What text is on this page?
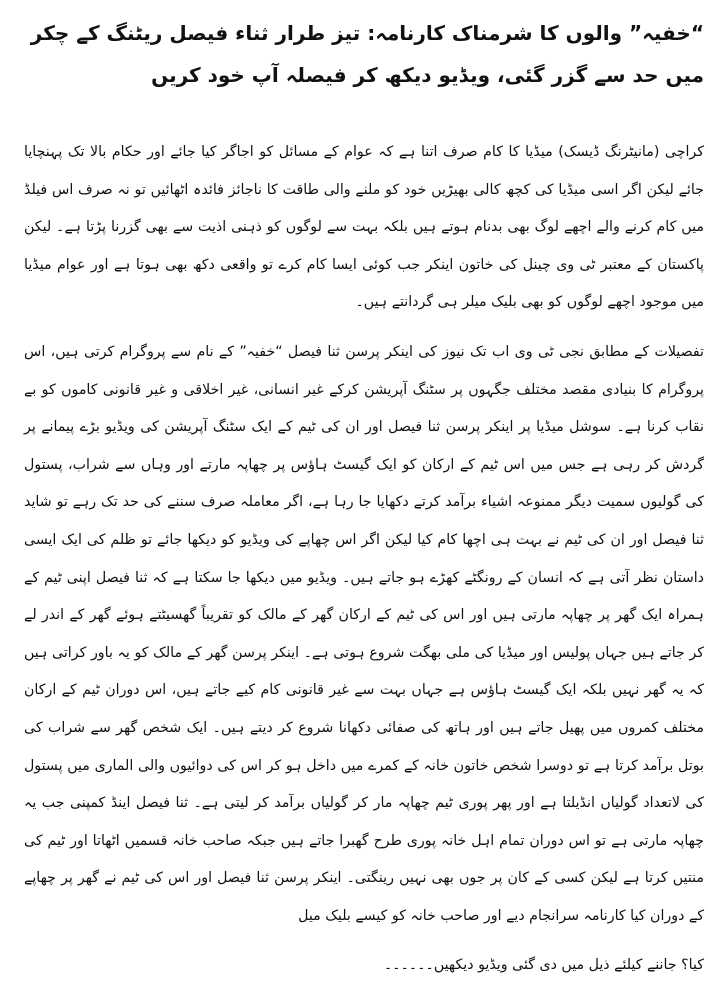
“خفیہ” والوں کا شرمناک کارنامہ: تیز طرار ثناء فیصل ریٹنگ کے چکر میں حد سے گزر گئی، ویڈیو دیکھ کر فیصلہ آپ خود کریں

کراچی (مانیٹرنگ ڈیسک) میڈیا کا کام صرف اتنا ہے کہ عوام کے مسائل کو اجاگر کیا جائے اور حکام بالا تک پہنچایا جائے لیکن اگر اسی میڈیا کی کچھ کالی بھیڑیں خود کو ملنے والی طاقت کا ناجائز فائدہ اٹھائیں تو نہ صرف اس فیلڈ میں کام کرنے والے اچھے لوگ بھی بدنام ہوتے ہیں بلکہ بہت سے لوگوں کو ذہنی اذیت سے بھی گزرنا پڑتا ہے۔ لیکن پاکستان کے معتبر ٹی وی چینل کی خاتون اینکر جب کوئی ایسا کام کرے تو واقعی دکھ بھی ہوتا ہے اور عوام میڈیا میں موجود اچھے لوگوں کو بھی بلیک میلر ہی گردانتے ہیں۔

تفصیلات کے مطابق نجی ٹی وی اب تک نیوز کی اینکر پرسن ثنا فیصل “خفیہ” کے نام سے پروگرام کرتی ہیں، اس پروگرام کا بنیادی مقصد مختلف جگہوں پر سٹنگ آپریشن کرکے غیر انسانی، غیر اخلاقی و غیر قانونی کاموں کو بے نقاب کرنا ہے۔ سوشل میڈیا پر اینکر پرسن ثنا فیصل اور ان کی ٹیم کے ایک سٹنگ آپریشن کی ویڈیو بڑے پیمانے پر گردش کر رہی ہے جس میں اس ٹیم کے ارکان کو ایک گیسٹ ہاؤس پر چھاپہ مارتے اور وہاں سے شراب، پستول کی گولیوں سمیت دیگر ممنوعہ اشیاء برآمد کرتے دکھایا جا رہا ہے، اگر معاملہ صرف سننے کی حد تک رہے تو شاید ثنا فیصل اور ان کی ٹیم نے بہت ہی اچھا کام کیا لیکن اگر اس چھاپے کی ویڈیو کو دیکھا جائے تو ظلم کی ایک ایسی داستان نظر آتی ہے کہ انسان کے رونگٹے کھڑے ہو جاتے ہیں۔ ویڈیو میں دیکھا جا سکتا ہے کہ ثنا فیصل اپنی ٹیم کے ہمراہ ایک گھر پر چھاپہ مارتی ہیں اور اس کی ٹیم کے ارکان گھر کے مالک کو تقریباً گھسیٹتے ہوئے گھر کے اندر لے کر جاتے ہیں جہاں پولیس اور میڈیا کی ملی بھگت شروع ہوتی ہے۔ اینکر پرسن گھر کے مالک کو یہ باور کراتی ہیں کہ یہ گھر نہیں بلکہ ایک گیسٹ ہاؤس ہے جہاں بہت سے غیر قانونی کام کیے جاتے ہیں، اس دوران ٹیم کے ارکان مختلف کمروں میں پھیل جاتے ہیں اور ہاتھ کی صفائی دکھانا شروع کر دیتے ہیں۔ ایک شخص گھر سے شراب کی بوتل برآمد کرتا ہے تو دوسرا شخص خاتون خانہ کے کمرے میں داخل ہو کر اس کی دوائیوں والی الماری میں پستول کی لاتعداد گولیاں انڈیلتا ہے اور پھر پوری ٹیم چھاپہ مار کر گولیاں برآمد کر لیتی ہے۔ ثنا فیصل اینڈ کمپنی جب یہ چھاپہ مارتی ہے تو اس دوران تمام اہل خانہ پوری طرح گھبرا جاتے ہیں جبکہ صاحب خانہ قسمیں اٹھاتا اور ٹیم کی منتیں کرتا ہے لیکن کسی کے کان پر جوں بھی نہیں رینگتی۔ اینکر پرسن ثنا فیصل اور اس کی ٹیم نے گھر پر چھاپے کے دوران کیا کارنامہ سرانجام دیے اور صاحب خانہ کو کیسے بلیک میل

کیا؟ جاننے کیلئے ذیل میں دی گئی ویڈیو دیکھیں۔۔۔۔۔۔
